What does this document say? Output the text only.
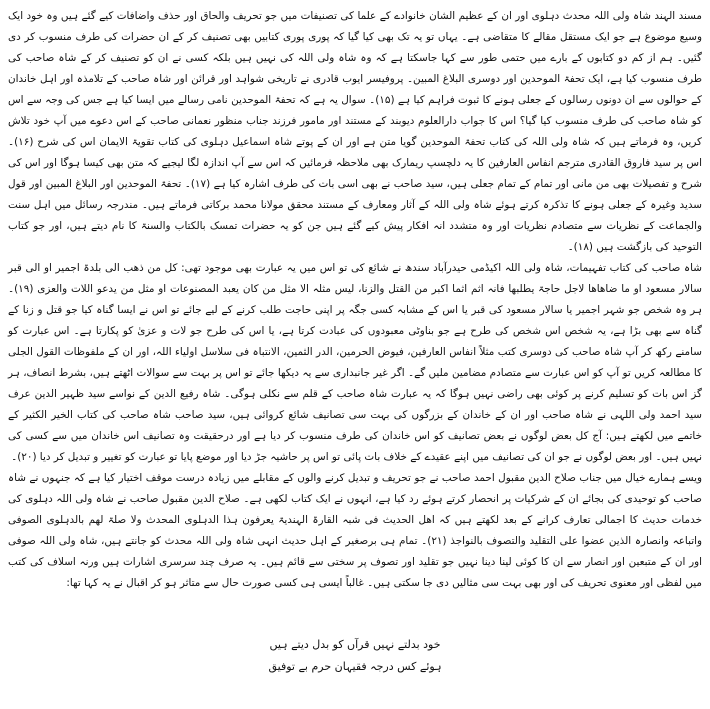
مسند الہند شاہ ولی اللہ محدث دہلوی اور ان کے عظیم الشان خانوادے کے علما کی تصنیفات میں جو تحریف والحاق اور حذف واضافات کیے گئے ہیں وہ خود ایک وسیع موضوع ہے جو ایک مستقل مقالے کا متقاضی ہے۔ یہاں تو یہ تک بھی کیا گیا کہ پوری پوری کتابیں بھی تصنیف کر کے ان حضرات کی طرف منسوب کر دی گئیں۔ ہم از کم دو کتابوں کے بارے میں حتمی طور سے کہا جاسکتا ہے کہ وہ شاہ ولی اللہ کی نہیں ہیں بلکہ کسی نے ان کو تصنیف کر کے شاہ صاحب کی طرف منسوب کیا ہے، ایک تحفۃ الموحدین اور دوسری البلاغ المبین۔ پروفیسر ایوب قادری نے تاریخی شواہد اور قرائن اور شاہ صاحب کے تلامذہ اور اہل خاندان کے حوالوں سے ان دونوں رسالوں کے جعلی ہونے کا ثبوت فراہم کیا ہے (۱۵)۔ سوال یہ ہے کہ تحفۃ الموحدین نامی رسالے میں ایسا کیا ہے جس کی وجہ سے اس کو شاہ صاحب کی طرف منسوب کیا گیا؟ اس کا جواب دارالعلوم دیوبند کے مستند اور مامور فرزند جناب منظور نعمانی صاحب کے اس دعوے میں آپ خود تلاش کریں، وہ فرماتے ہیں کہ شاہ ولی اللہ کی کتاب تحفۃ الموحدین گویا متن ہے اور ان کے پوتے شاہ اسماعیل دہلوی کی کتاب تقویۃ الایمان اس کی شرح (۱۶)۔ اس پر سید فاروق القادری مترجم انفاس العارفین کا یہ دلچسپ ریمارک بھی ملاحظہ فرمائیں کہ اس سے آپ اندازہ لگا لیجیے کہ متن بھی کیسا ہوگا اور اس کی شرح و تفصیلات بھی من مانی اور تمام کے تمام جعلی ہیں، سید صاحب نے بھی اسی بات کی طرف اشارہ کیا ہے (۱۷)۔ تحفۃ الموحدین اور البلاغ المبین اور قول سدید وغیرہ کے جعلی ہونے کا تذکرہ کرتے ہوئے شاہ ولی اللہ کے آثار ومعارف کے مستند محقق مولانا محمد برکاتی فرماتے ہیں۔ مندرجہ رسائل میں اہل سنت والجماعت کے نظریات سے متصادم نظریات اور وہ متشدد انہ افکار پیش کیے گئے ہیں جن کو یہ حضرات تمسک بالکتاب والسنۃ کا نام دیتے ہیں، اور جو کتاب التوحید کی بازگشت ہیں (۱۸)۔

شاہ صاحب کی کتاب تفہیمات، شاہ ولی اللہ اکیڈمی حیدرآباد سندھ نے شائع کی تو اس میں یہ عبارت بھی موجود تھی: کل من ذھب الی بلدۃ اجمیر او الی قبر سالار مسعود او ما ضاھاھا لاجل حاجۃ یطلبھا فانہ اثم اثما اکبر من القتل والزنا، لیس مثلہ الا مثل من کان یعبد المصنوعات او مثل من یدعو اللات والعزی (۱۹)۔ ہر وہ شخص جو شہر اجمیر یا سالار مسعود کی قبر یا اس کے مشابہ کسی جگہ پر اپنی حاجت طلب کرنے کے لیے جائے تو اس نے ایسا گناہ کیا جو قتل و زنا کے گناہ سے بھی بڑا ہے، یہ شخص اس شخص کی طرح ہے جو بناوٹی معبودوں کی عبادت کرتا ہے، یا اس کی طرح جو لات و عزیٰ کو پکارتا ہے۔ اس عبارت کو سامنے رکھ کر آپ شاہ صاحب کی دوسری کتب مثلاً انفاس العارفین، فیوض الحرمین، الدر الثمین، الانتباہ فی سلاسل اولیاء اللہ، اور ان کے ملفوظات القول الجلی کا مطالعہ کریں تو آپ کو اس عبارت سے متصادم مضامین ملیں گے۔ اگر غیر جانبداری سے یہ دیکھا جائے تو اس پر بہت سے سوالات اٹھتے ہیں، بشرط انصاف، ہر گز اس بات کو تسلیم کرنے پر کوئی بھی راضی نہیں ہوگا کہ یہ عبارت شاہ صاحب کے قلم سے نکلی ہوگی۔ شاہ رفیع الدین کے نواسے سید ظہیر الدین عرف سید احمد ولی اللہی نے شاہ صاحب اور ان کے خاندان کے بزرگوں کی بہت سی تصانیف شائع کروائی ہیں، سید صاحب شاہ صاحب کی کتاب الخیر الکثیر کے خاتمے میں لکھتے ہیں: آج کل بعض لوگوں نے بعض تصانیف کو اس خاندان کی طرف منسوب کر دیا ہے اور درحقیقت وہ تصانیف اس خاندان میں سے کسی کی نہیں ہیں۔ اور بعض لوگوں نے جو ان کی تصانیف میں اپنے عقیدے کے خلاف بات پائی تو اس پر حاشیہ جڑ دیا اور موضع پایا تو عبارت کو تغییر و تبدیل کر دیا (۲۰)۔

ویسے ہمارے خیال میں جناب صلاح الدین مقبول احمد صاحب نے جو تحریف و تبدیل کرنے والوں کے مقابلے میں زیادہ درست موقف اختیار کیا ہے کہ جنہوں نے شاہ صاحب کو توحیدی کی بجائے ان کے شرکیات پر انحصار کرتے ہوئے رد کیا ہے، انہوں نے ایک کتاب لکھی ہے۔ صلاح الدین مقبول صاحب نے شاہ ولی اللہ دہلوی کی خدمات حدیث کا اجمالی تعارف کرانے کے بعد لکھتے ہیں کہ اھل الحدیث فی شبہ القارۃ الہندیۃ یعرفون ہذا الدہلوی المحدث ولا صلۃ لھم بالدہلوی الصوفی واتباعہ وانصارہ الذین عضوا علی التقلید والتصوف بالنواجذ (۲۱)۔ تمام ہی برصغیر کے اہل حدیث انہی شاہ ولی اللہ محدث کو جانتے ہیں، شاہ ولی اللہ صوفی اور ان کے متبعین اور انصار سے ان کا کوئی لینا دینا نہیں جو تقلید اور تصوف پر سختی سے قائم ہیں۔ یہ صرف چند سرسری اشارات ہیں ورنہ اسلاف کی کتب میں لفظی اور معنوی تحریف کی اور بھی بہت سی مثالیں دی جا سکتی ہیں۔ غالباً ایسی ہی کسی صورت حال سے متاثر ہو کر اقبال نے یہ کہا تھا:

خود بدلتے نہیں قرآں کو بدل دیتے ہیں
ہوئے کس درجہ فقیہان حرم بے توفیق
